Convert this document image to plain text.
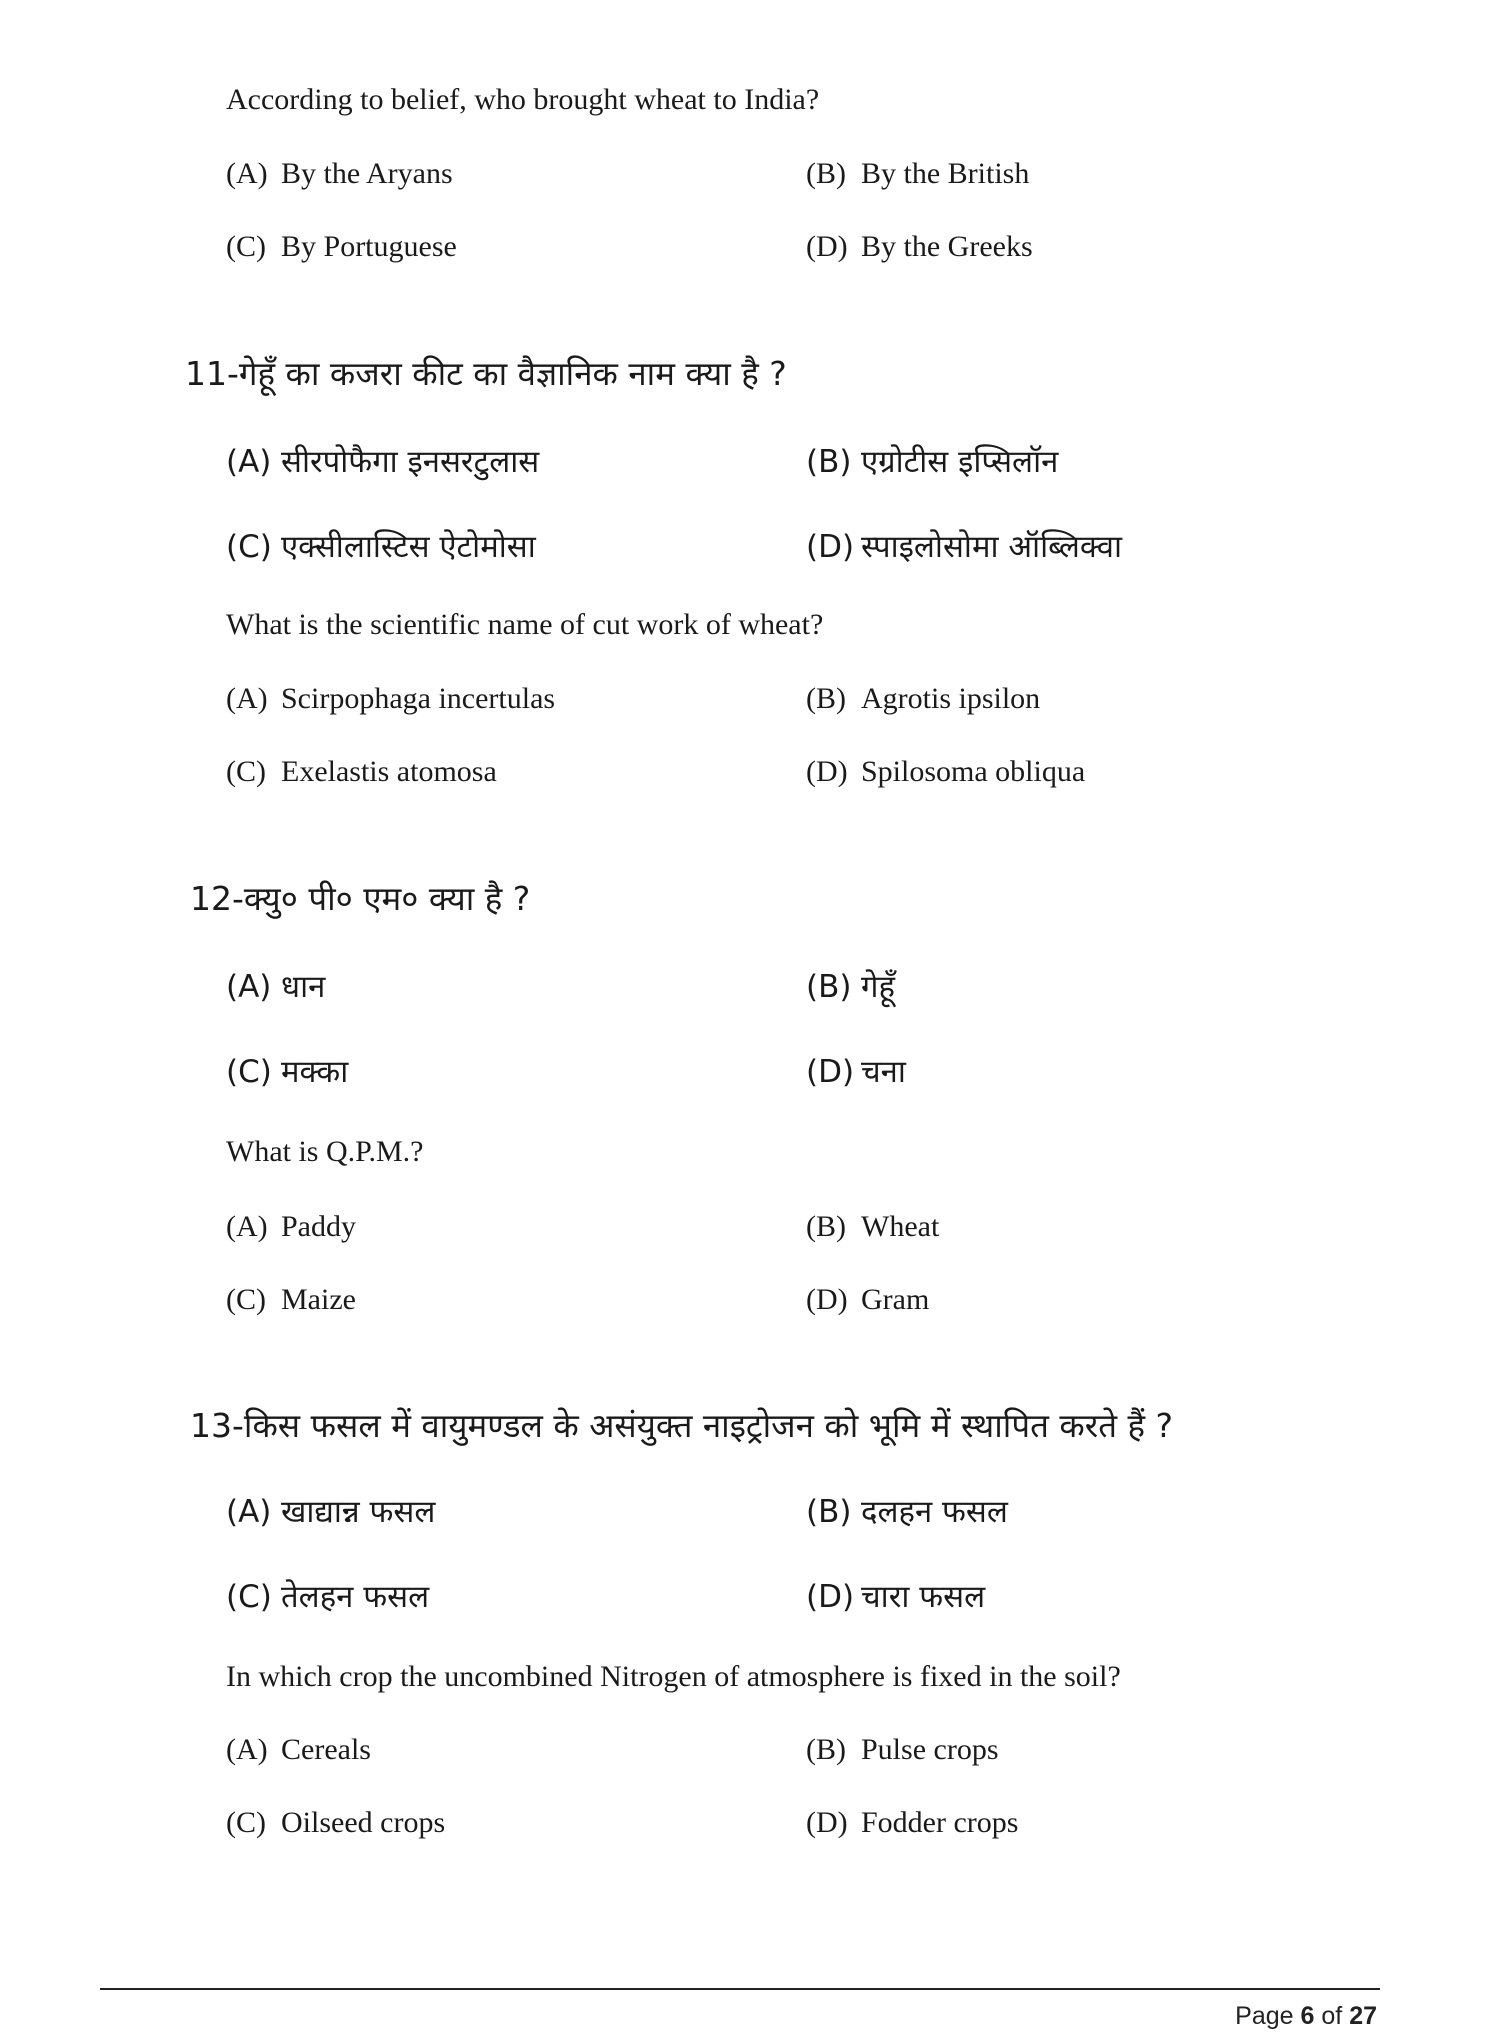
According to belief, who brought wheat to India?
(A) By the Aryans	(B) By the British
(C) By Portuguese	(D) By the Greeks
11-गेहूँ का कजरा कीट का वैज्ञानिक नाम क्या है ?
(A) सीरपोफैगा इनसरटुलास	(B) एग्रोटीस इप्सिलॉन
(C) एक्सीलास्टिस ऐटोमोसा	(D) स्पाइलोसोमा ऑब्लिक्वा
What is the scientific name of cut work of wheat?
(A) Scirpophaga incertulas	(B) Agrotis ipsilon
(C) Exelastis atomosa	(D) Spilosoma obliqua
12-क्यु० पी० एम० क्या है ?
(A) धान	(B) गेहूँ
(C) मक्का	(D) चना
What is Q.P.M.?
(A) Paddy	(B) Wheat
(C) Maize	(D) Gram
13-किस फसल में वायुमण्डल के असंयुक्त नाइट्रोजन को भूमि में स्थापित करते हैं ?
(A) खाद्यान्न फसल	(B) दलहन फसल
(C) तेलहन फसल	(D) चारा फसल
In which crop the uncombined Nitrogen of atmosphere is fixed in the soil?
(A) Cereals	(B) Pulse crops
(C) Oilseed crops	(D) Fodder crops
Page 6 of 27
